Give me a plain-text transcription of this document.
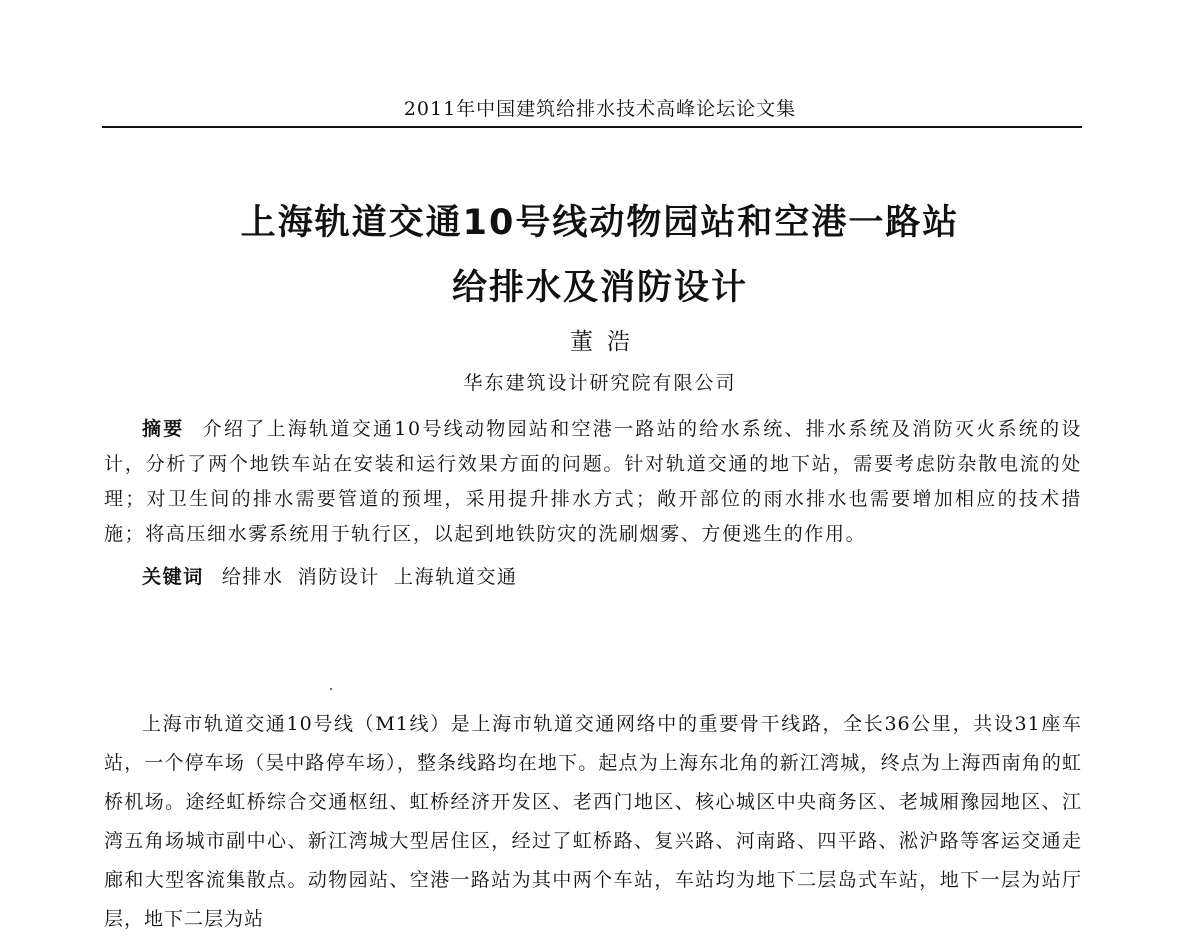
2011年中国建筑给排水技术高峰论坛论文集
上海轨道交通10号线动物园站和空港一路站
给排水及消防设计
董浩
华东建筑设计研究院有限公司

摘要 介绍了上海轨道交通10号线动物园站和空港一路站的给水系统、排水系统及消防灭火系统的设计，分析了两个地铁车站在安装和运行效果方面的问题。针对轨道交通的地下站，需要考虑防杂散电流的处理；对卫生间的排水需要管道的预埋，采用提升排水方式；敞开部位的雨水排水也需要增加相应的技术措施；将高压细水雾系统用于轨行区，以起到地铁防灾的洗刷烟雾、方便逃生的作用。

关键词 给排水 消防设计 上海轨道交通

上海市轨道交通10号线（M1线）是上海市轨道交通网络中的重要骨干线路，全长36公里，共设31座车站，一个停车场（吴中路停车场），整条线路均在地下。起点为上海东北角的新江湾城，终点为上海西南角的虹桥机场。途经虹桥综合交通枢纽、虹桥经济开发区、老西门地区、核心城区中央商务区、老城厢豫园地区、江湾五角场城市副中心、新江湾城大型居住区，经过了虹桥路、复兴路、河南路、四平路、淞沪路等客运交通走廊和大型客流集散点。动物园站、空港一路站为其中两个车站，车站均为地下二层岛式车站，地下一层为站厅层，地下二层为站
